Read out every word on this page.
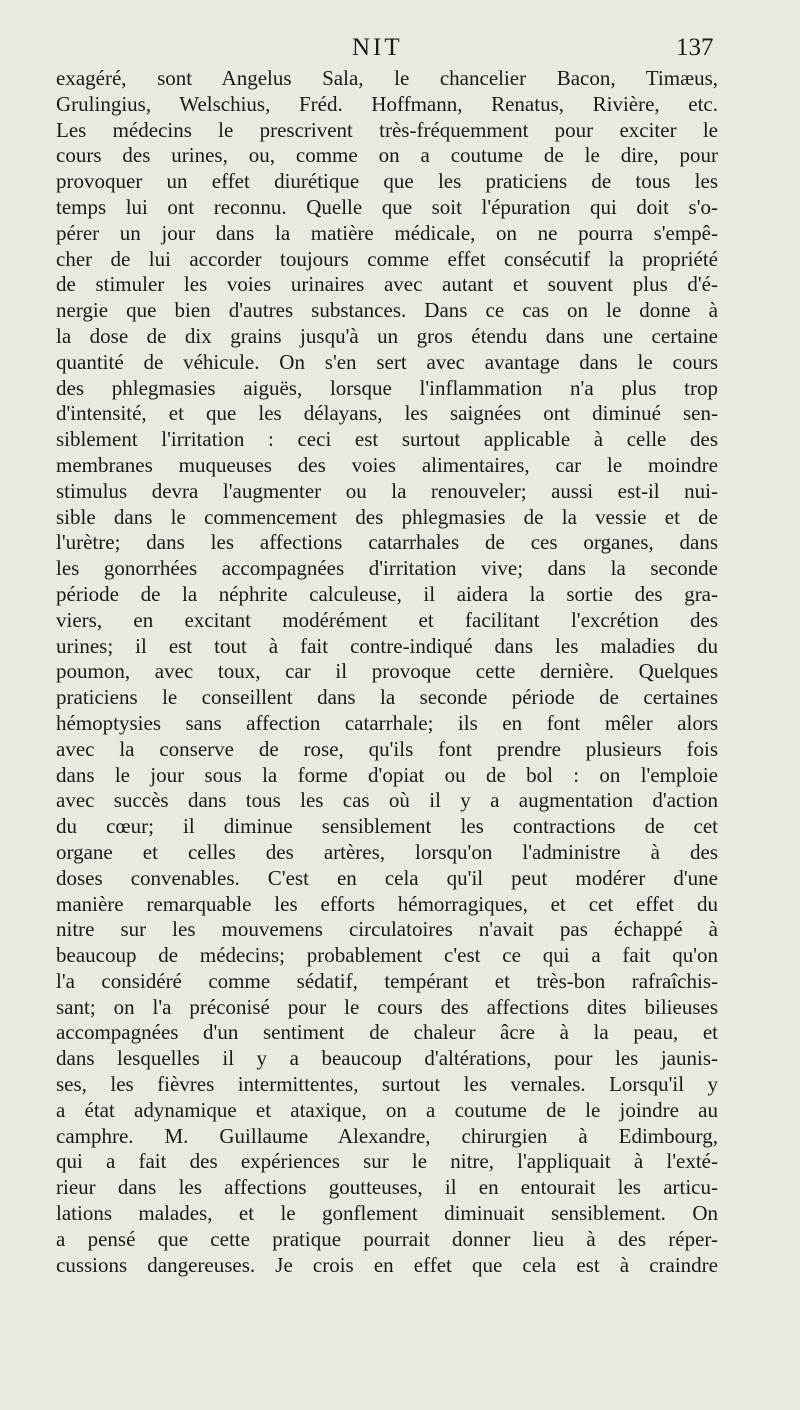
NIT	137
exagéré, sont Angelus Sala, le chancelier Bacon, Timæus,
Grulingius, Welschius, Fréd. Hoffmann, Renatus, Rivière, etc.
Les médecins le prescrivent très-fréquemment pour exciter le
cours des urines, ou, comme on a coutume de le dire, pour
provoquer un effet diurétique que les praticiens de tous les
temps lui ont reconnu. Quelle que soit l'épuration qui doit s'o-
pérer un jour dans la matière médicale, on ne pourra s'empê-
cher de lui accorder toujours comme effet consécutif la propriété
de stimuler les voies urinaires avec autant et souvent plus d'é-
nergie que bien d'autres substances. Dans ce cas on le donne à
la dose de dix grains jusqu'à un gros étendu dans une certaine
quantité de véhicule. On s'en sert avec avantage dans le cours
des phlegmasies aiguës, lorsque l'inflammation n'a plus trop
d'intensité, et que les délayans, les saignées ont diminué sen-
siblement l'irritation : ceci est surtout applicable à celle des
membranes muqueuses des voies alimentaires, car le moindre
stimulus devra l'augmenter ou la renouveler; aussi est-il nui-
sible dans le commencement des phlegmasies de la vessie et de
l'urètre; dans les affections catarrhales de ces organes, dans
les gonorrhées accompagnées d'irritation vive; dans la seconde
période de la néphrite calculeuse, il aidera la sortie des gra-
viers, en excitant modérément et facilitant l'excrétion des
urines; il est tout à fait contre-indiqué dans les maladies du
poumon, avec toux, car il provoque cette dernière. Quelques
praticiens le conseillent dans la seconde période de certaines
hémoptysies sans affection catarrhale; ils en font mêler alors
avec la conserve de rose, qu'ils font prendre plusieurs fois
dans le jour sous la forme d'opiat ou de bol : on l'emploie
avec succès dans tous les cas où il y a augmentation d'action
du cœur; il diminue sensiblement les contractions de cet
organe et celles des artères, lorsqu'on l'administre à des
doses convenables. C'est en cela qu'il peut modérer d'une
manière remarquable les efforts hémorragiques, et cet effet du
nitre sur les mouvemens circulatoires n'avait pas échappé à
beaucoup de médecins; probablement c'est ce qui a fait qu'on
l'a considéré comme sédatif, tempérant et très-bon rafraîchis-
sant; on l'a préconisé pour le cours des affections dites bilieuses
accompagnées d'un sentiment de chaleur âcre à la peau, et
dans lesquelles il y a beaucoup d'altérations, pour les jaunis-
ses, les fièvres intermittentes, surtout les vernales. Lorsqu'il y
a état adynamique et ataxique, on a coutume de le joindre au
camphre. M. Guillaume Alexandre, chirurgien à Edimbourg,
qui a fait des expériences sur le nitre, l'appliquait à l'exté-
rieur dans les affections goutteuses, il en entourait les articu-
lations malades, et le gonflement diminuait sensiblement. On
a pensé que cette pratique pourrait donner lieu à des réper-
cussions dangereuses. Je crois en effet que cela est à craindre
